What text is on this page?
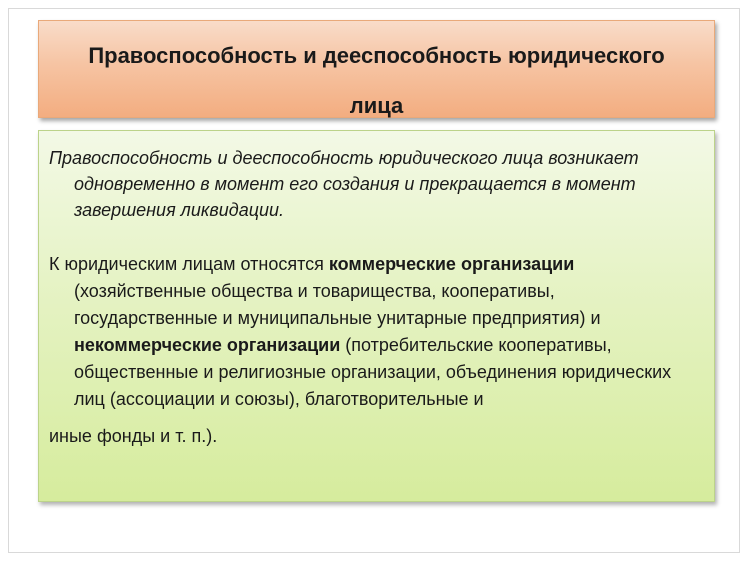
Правоспособность и дееспособность юридического лица

Правоспособность и дееспособность юридического лица возникает одновременно в момент его создания и прекращается в момент завершения ликвидации.

К юридическим лицам относятся коммерческие организации (хозяйственные общества и товарищества, кооперативы, государственные и муниципальные унитарные предприятия) и некоммерческие организации (потребительские кооперативы, общественные и религиозные организации, объединения юридических лиц (ассоциации и союзы), благотворительные и
иные фонды и т. п.).
